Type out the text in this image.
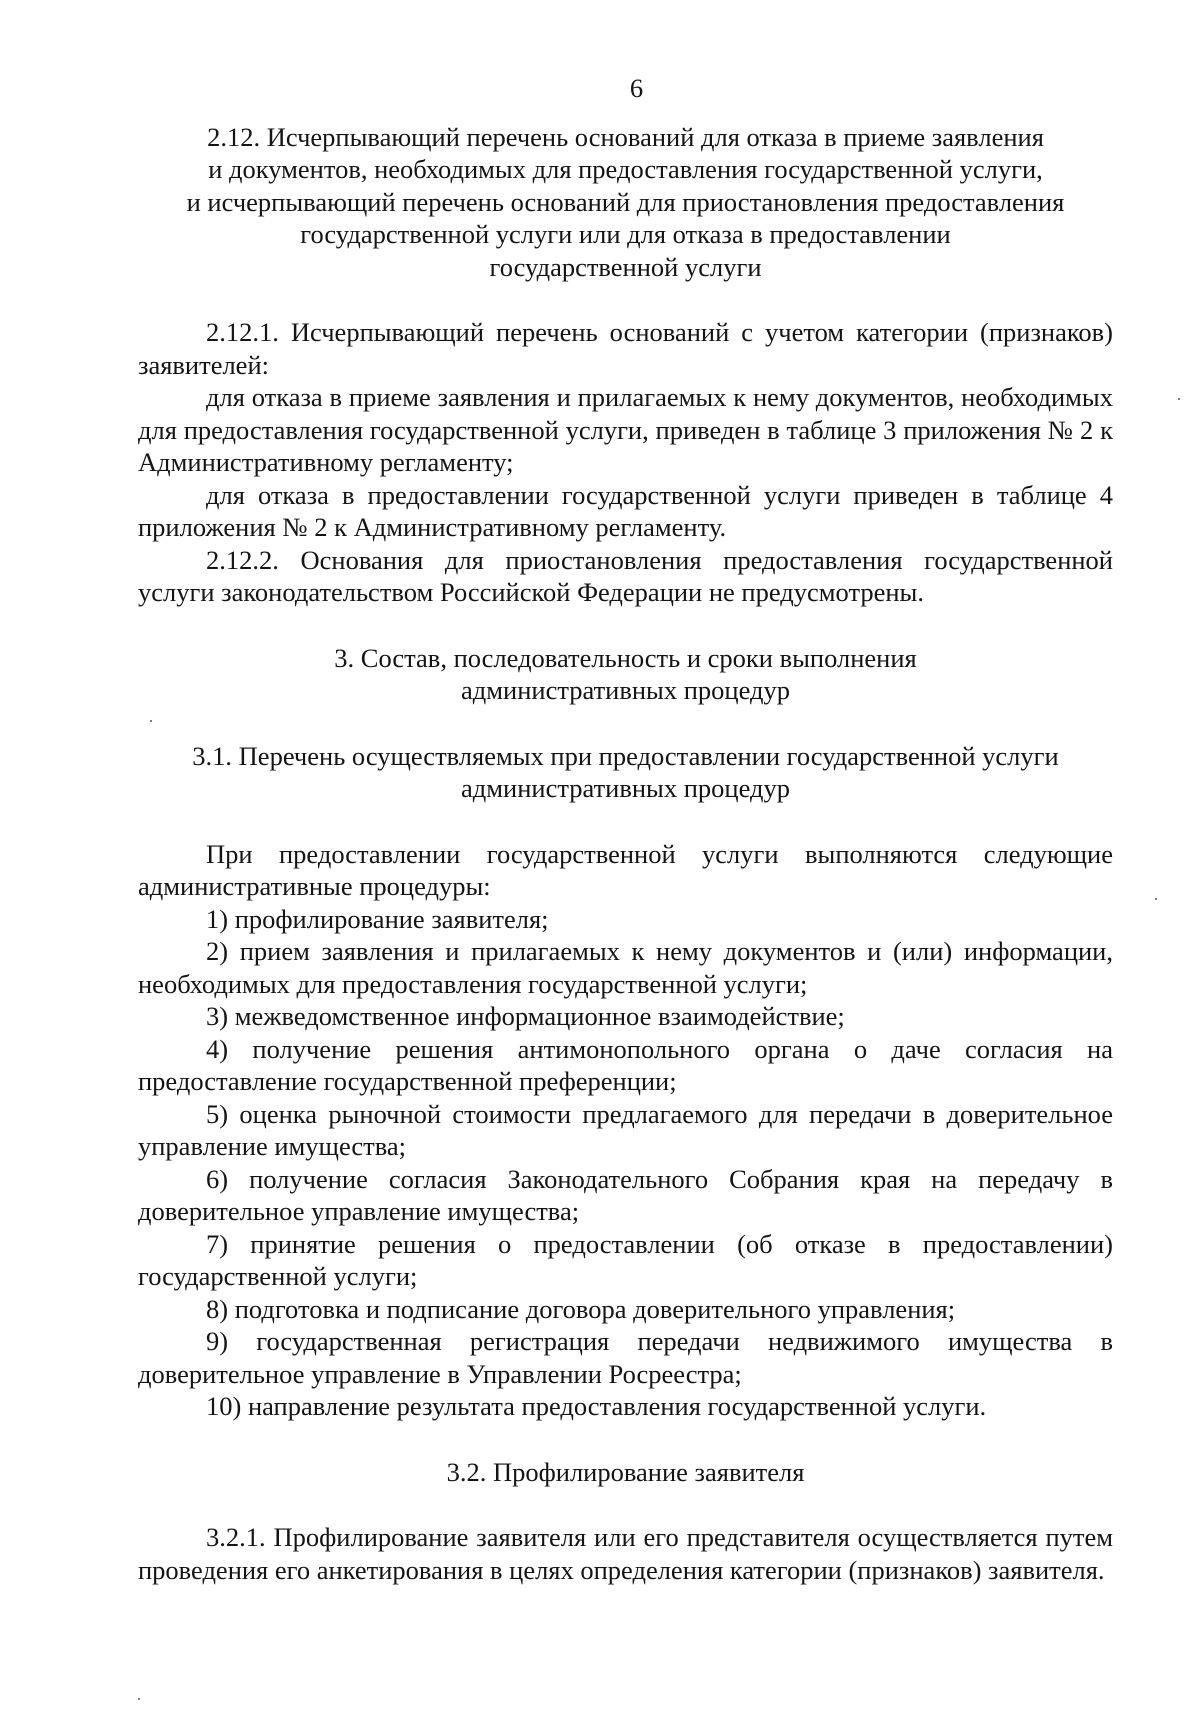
6
2.12. Исчерпывающий перечень оснований для отказа в приеме заявления
и документов, необходимых для предоставления государственной услуги,
и исчерпывающий перечень оснований для приостановления предоставления
государственной услуги или для отказа в предоставлении
государственной услуги

2.12.1. Исчерпывающий перечень оснований с учетом категории (признаков) заявителей:

для отказа в приеме заявления и прилагаемых к нему документов, необходимых для предоставления государственной услуги, приведен в таблице 3 приложения № 2 к Административному регламенту;

для отказа в предоставлении государственной услуги приведен в таблице 4 приложения № 2 к Административному регламенту.

2.12.2. Основания для приостановления предоставления государственной услуги законодательством Российской Федерации не предусмотрены.

3. Состав, последовательность и сроки выполнения
административных процедур
3.1. Перечень осуществляемых при предоставлении государственной услуги
административных процедур

При предоставлении государственной услуги выполняются следующие административные процедуры:

1) профилирование заявителя;

2) прием заявления и прилагаемых к нему документов и (или) информации, необходимых для предоставления государственной услуги;

3) межведомственное информационное взаимодействие;

4) получение решения антимонопольного органа о даче согласия на предоставление государственной преференции;

5) оценка рыночной стоимости предлагаемого для передачи в доверительное управление имущества;

6) получение согласия Законодательного Собрания края на передачу в доверительное управление имущества;

7) принятие решения о предоставлении (об отказе в предоставлении) государственной услуги;

8) подготовка и подписание договора доверительного управления;

9) государственная регистрация передачи недвижимого имущества в доверительное управление в Управлении Росреестра;

10) направление результата предоставления государственной услуги.

3.2. Профилирование заявителя

3.2.1. Профилирование заявителя или его представителя осуществляется путем проведения его анкетирования в целях определения категории (признаков) заявителя.
